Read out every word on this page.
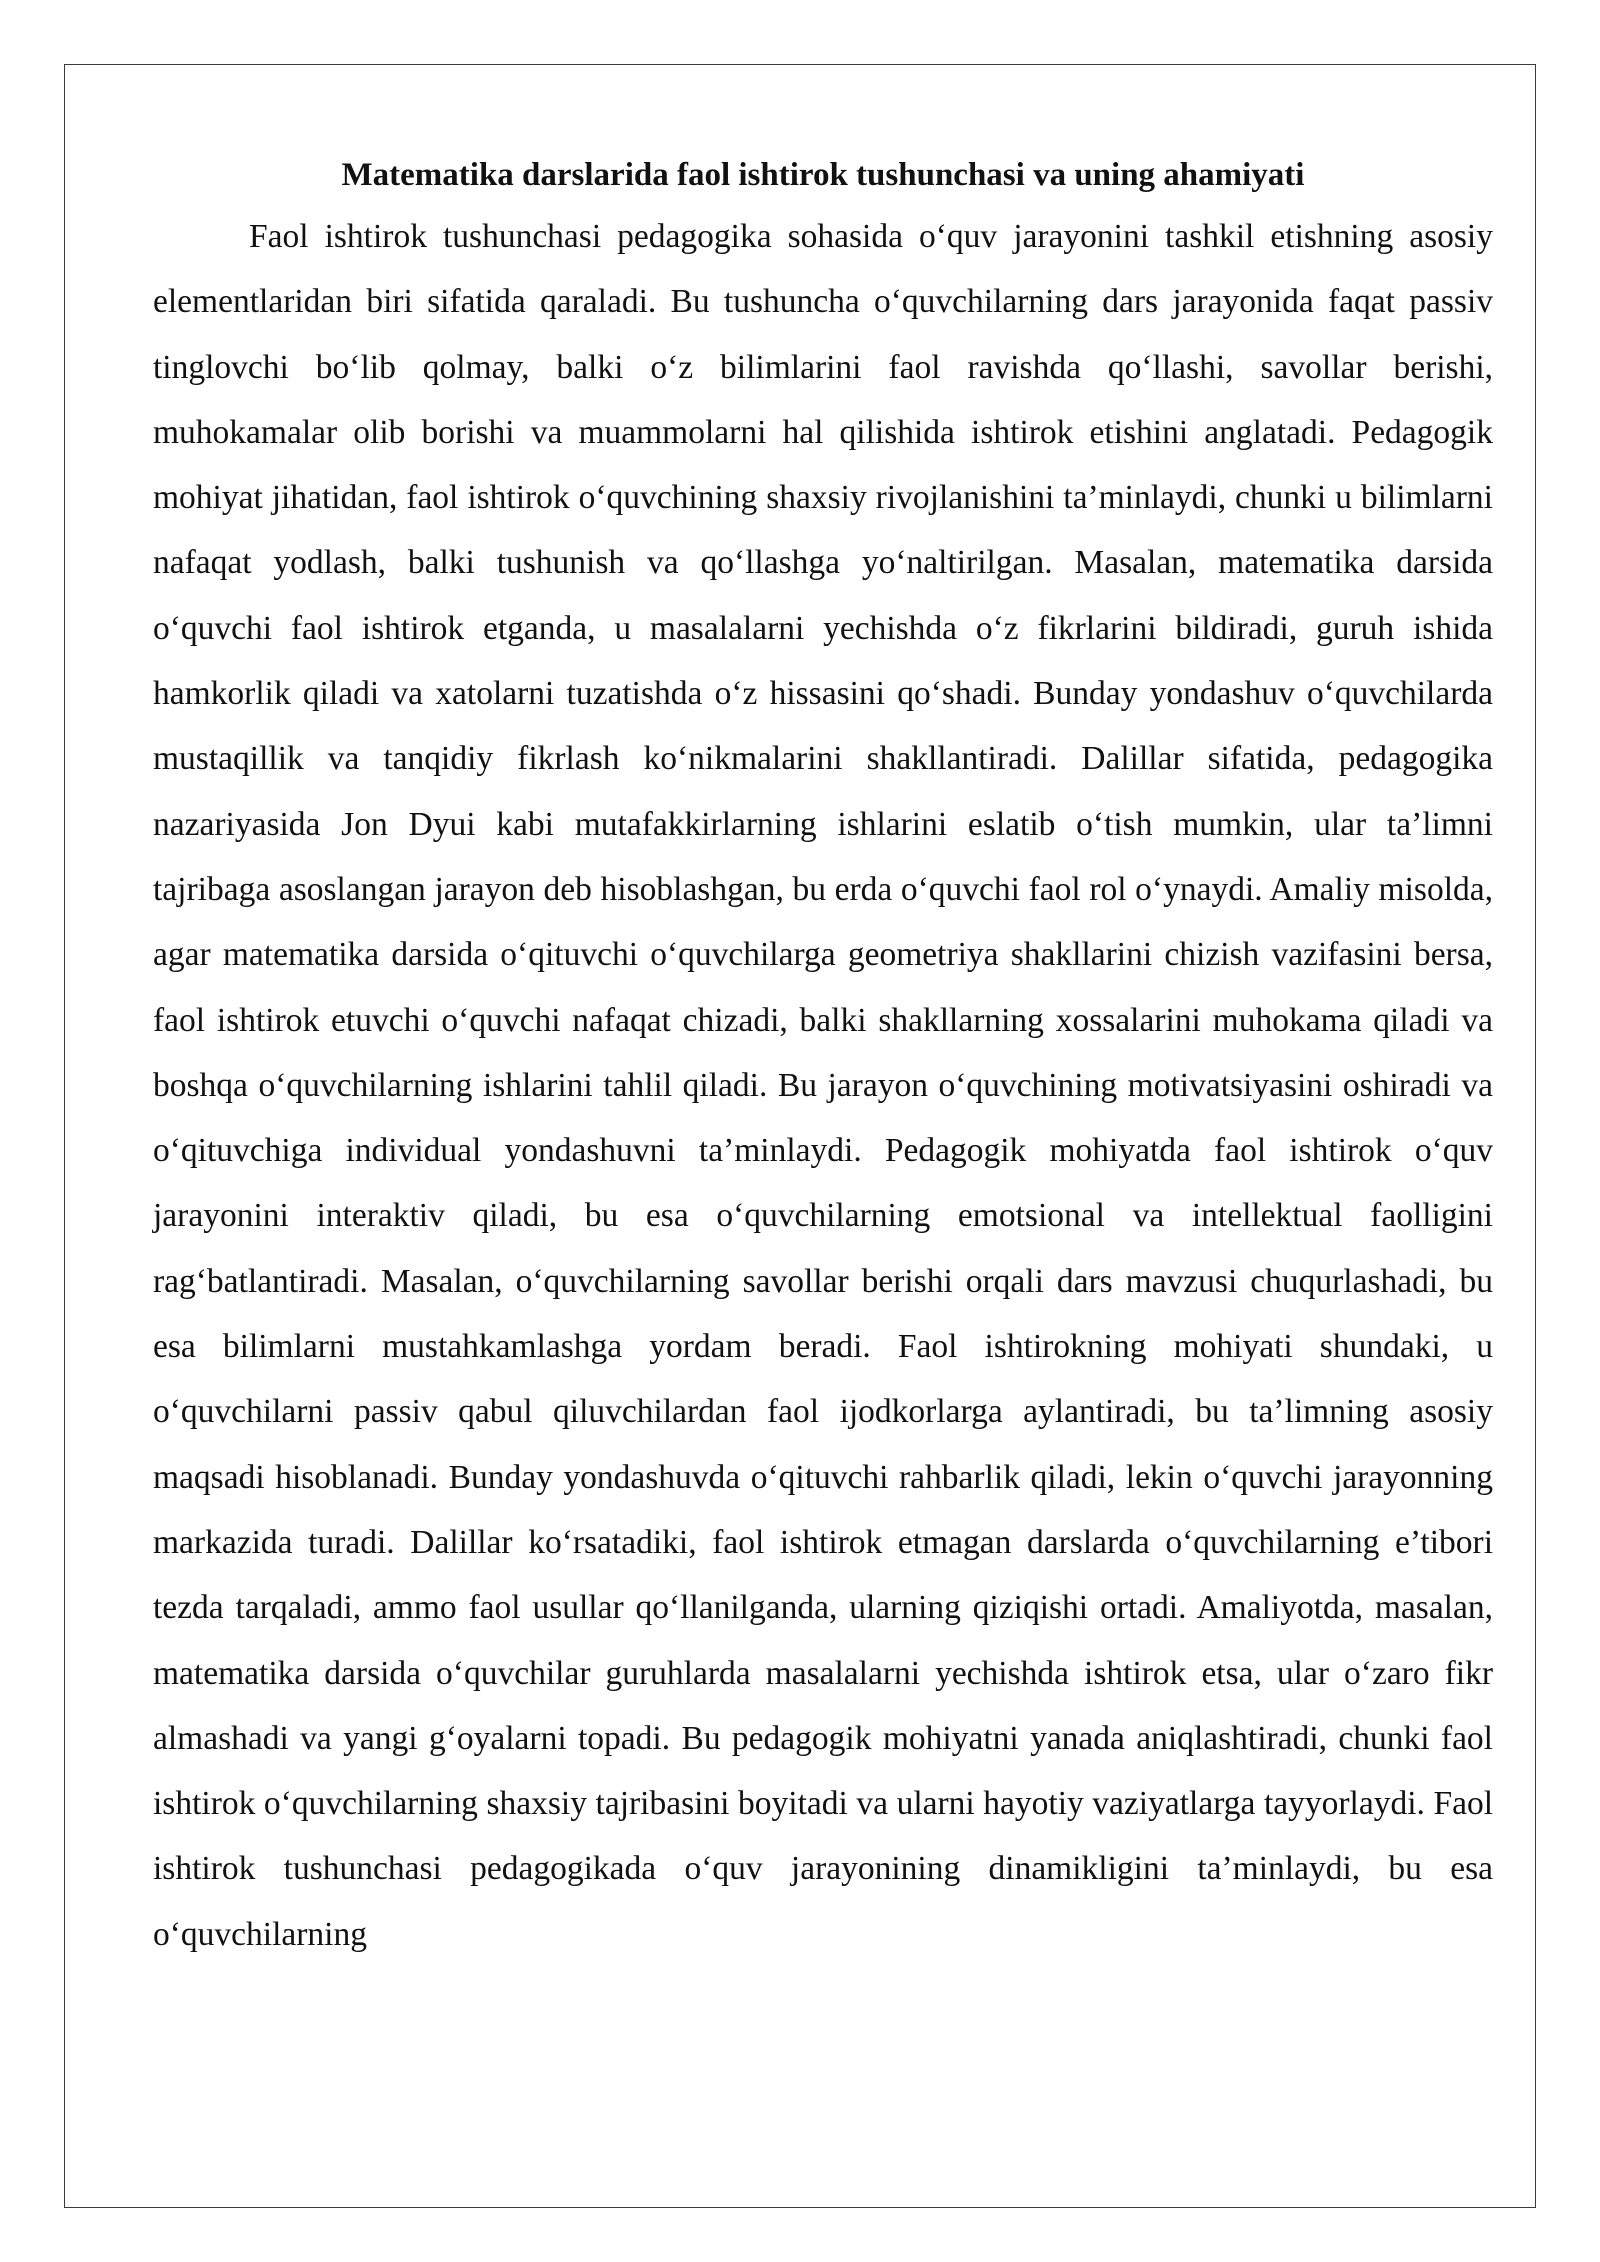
Matematika darslarida faol ishtirok tushunchasi va uning ahamiyati

Faol ishtirok tushunchasi pedagogika sohasida o‘quv jarayonini tashkil etishning asosiy elementlaridan biri sifatida qaraladi. Bu tushuncha o‘quvchilarning dars jarayonida faqat passiv tinglovchi bo‘lib qolmay, balki o‘z bilimlarini faol ravishda qo‘llashi, savollar berishi, muhokamalar olib borishi va muammolarni hal qilishida ishtirok etishini anglatadi. Pedagogik mohiyat jihatidan, faol ishtirok o‘quvchining shaxsiy rivojlanishini ta’minlaydi, chunki u bilimlarni nafaqat yodlash, balki tushunish va qo‘llashga yo‘naltirilgan. Masalan, matematika darsida o‘quvchi faol ishtirok etganda, u masalalarni yechishda o‘z fikrlarini bildiradi, guruh ishida hamkorlik qiladi va xatolarni tuzatishda o‘z hissasini qo‘shadi. Bunday yondashuv o‘quvchilarda mustaqillik va tanqidiy fikrlash ko‘nikmalarini shakllantiradi. Dalillar sifatida, pedagogika nazariyasida Jon Dyui kabi mutafakkirlarning ishlarini eslatib o‘tish mumkin, ular ta’limni tajribaga asoslangan jarayon deb hisoblashgan, bu erda o‘quvchi faol rol o‘ynaydi. Amaliy misolda, agar matematika darsida o‘qituvchi o‘quvchilarga geometriya shakllarini chizish vazifasini bersa, faol ishtirok etuvchi o‘quvchi nafaqat chizadi, balki shakllarning xossalarini muhokama qiladi va boshqa o‘quvchilarning ishlarini tahlil qiladi. Bu jarayon o‘quvchining motivatsiyasini oshiradi va o‘qituvchiga individual yondashuvni ta’minlaydi. Pedagogik mohiyatda faol ishtirok o‘quv jarayonini interaktiv qiladi, bu esa o‘quvchilarning emotsional va intellektual faolligini rag‘batlantiradi. Masalan, o‘quvchilarning savollar berishi orqali dars mavzusi chuqurlashadi, bu esa bilimlarni mustahkamlashga yordam beradi. Faol ishtirokning mohiyati shundaki, u o‘quvchilarni passiv qabul qiluvchilardan faol ijodkorlarga aylantiradi, bu ta’limning asosiy maqsadi hisoblanadi. Bunday yondashuvda o‘qituvchi rahbarlik qiladi, lekin o‘quvchi jarayonning markazida turadi. Dalillar ko‘rsatadiki, faol ishtirok etmagan darslarda o‘quvchilarning e’tibori tezda tarqaladi, ammo faol usullar qo‘llanilganda, ularning qiziqishi ortadi. Amaliyotda, masalan, matematika darsida o‘quvchilar guruhlarda masalalarni yechishda ishtirok etsa, ular o‘zaro fikr almashadi va yangi g‘oyalarni topadi. Bu pedagogik mohiyatni yanada aniqlashtiradi, chunki faol ishtirok o‘quvchilarning shaxsiy tajribasini boyitadi va ularni hayotiy vaziyatlarga tayyorlaydi. Faol ishtirok tushunchasi pedagogikada o‘quv jarayonining dinamikligini ta’minlaydi, bu esa o‘quvchilarning
